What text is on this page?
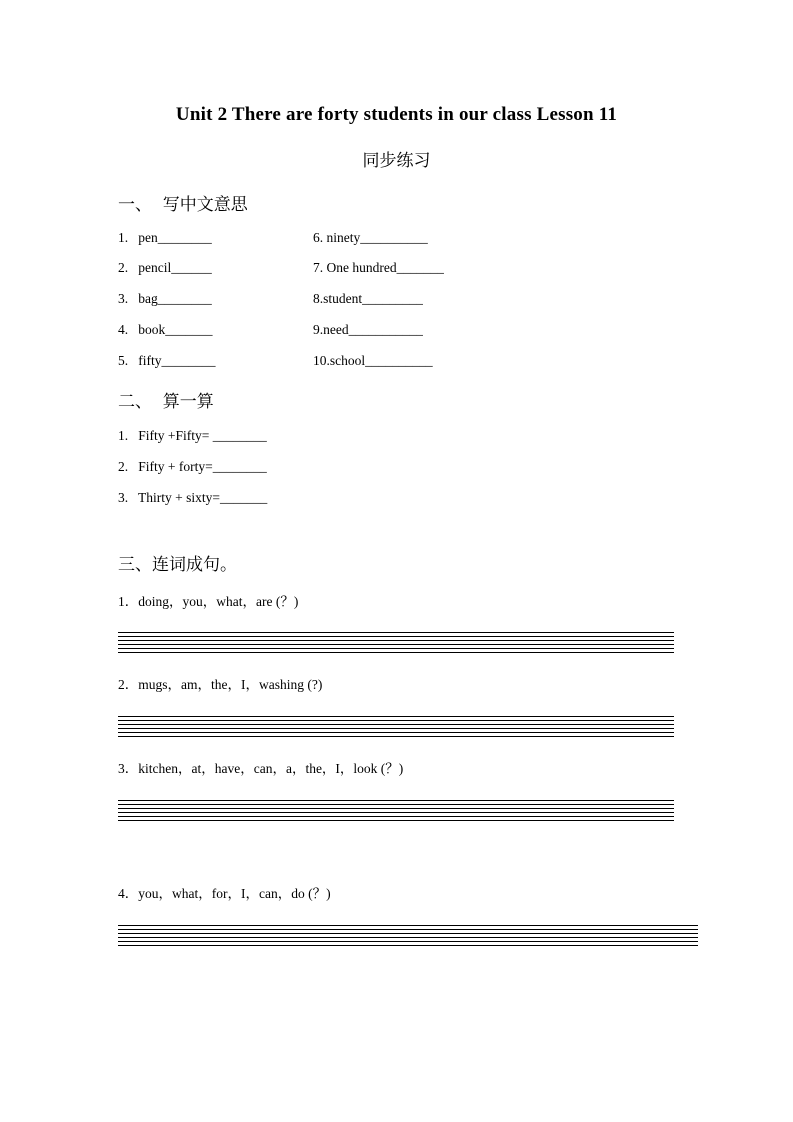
Unit 2 There are forty students in our class Lesson 11
同步练习
一、  写中文意思
1.   pen________
2.   pencil______
3.   bag________
4.   book_______
5.   fifty________
6. ninety__________
7. One hundred_______
8.student_________
9.need___________
10.school__________
二、  算一算
1.   Fifty +Fifty= ________
2.   Fifty + forty=________
3.   Thirty + sixty=_______
三、连词成句。
1．doing，you，what，are (？)
2．mugs，am，the，I，washing (?)
3．kitchen，at，have，can，a，the，I，look (？)
4．you，what，for，I，can，do (？)
